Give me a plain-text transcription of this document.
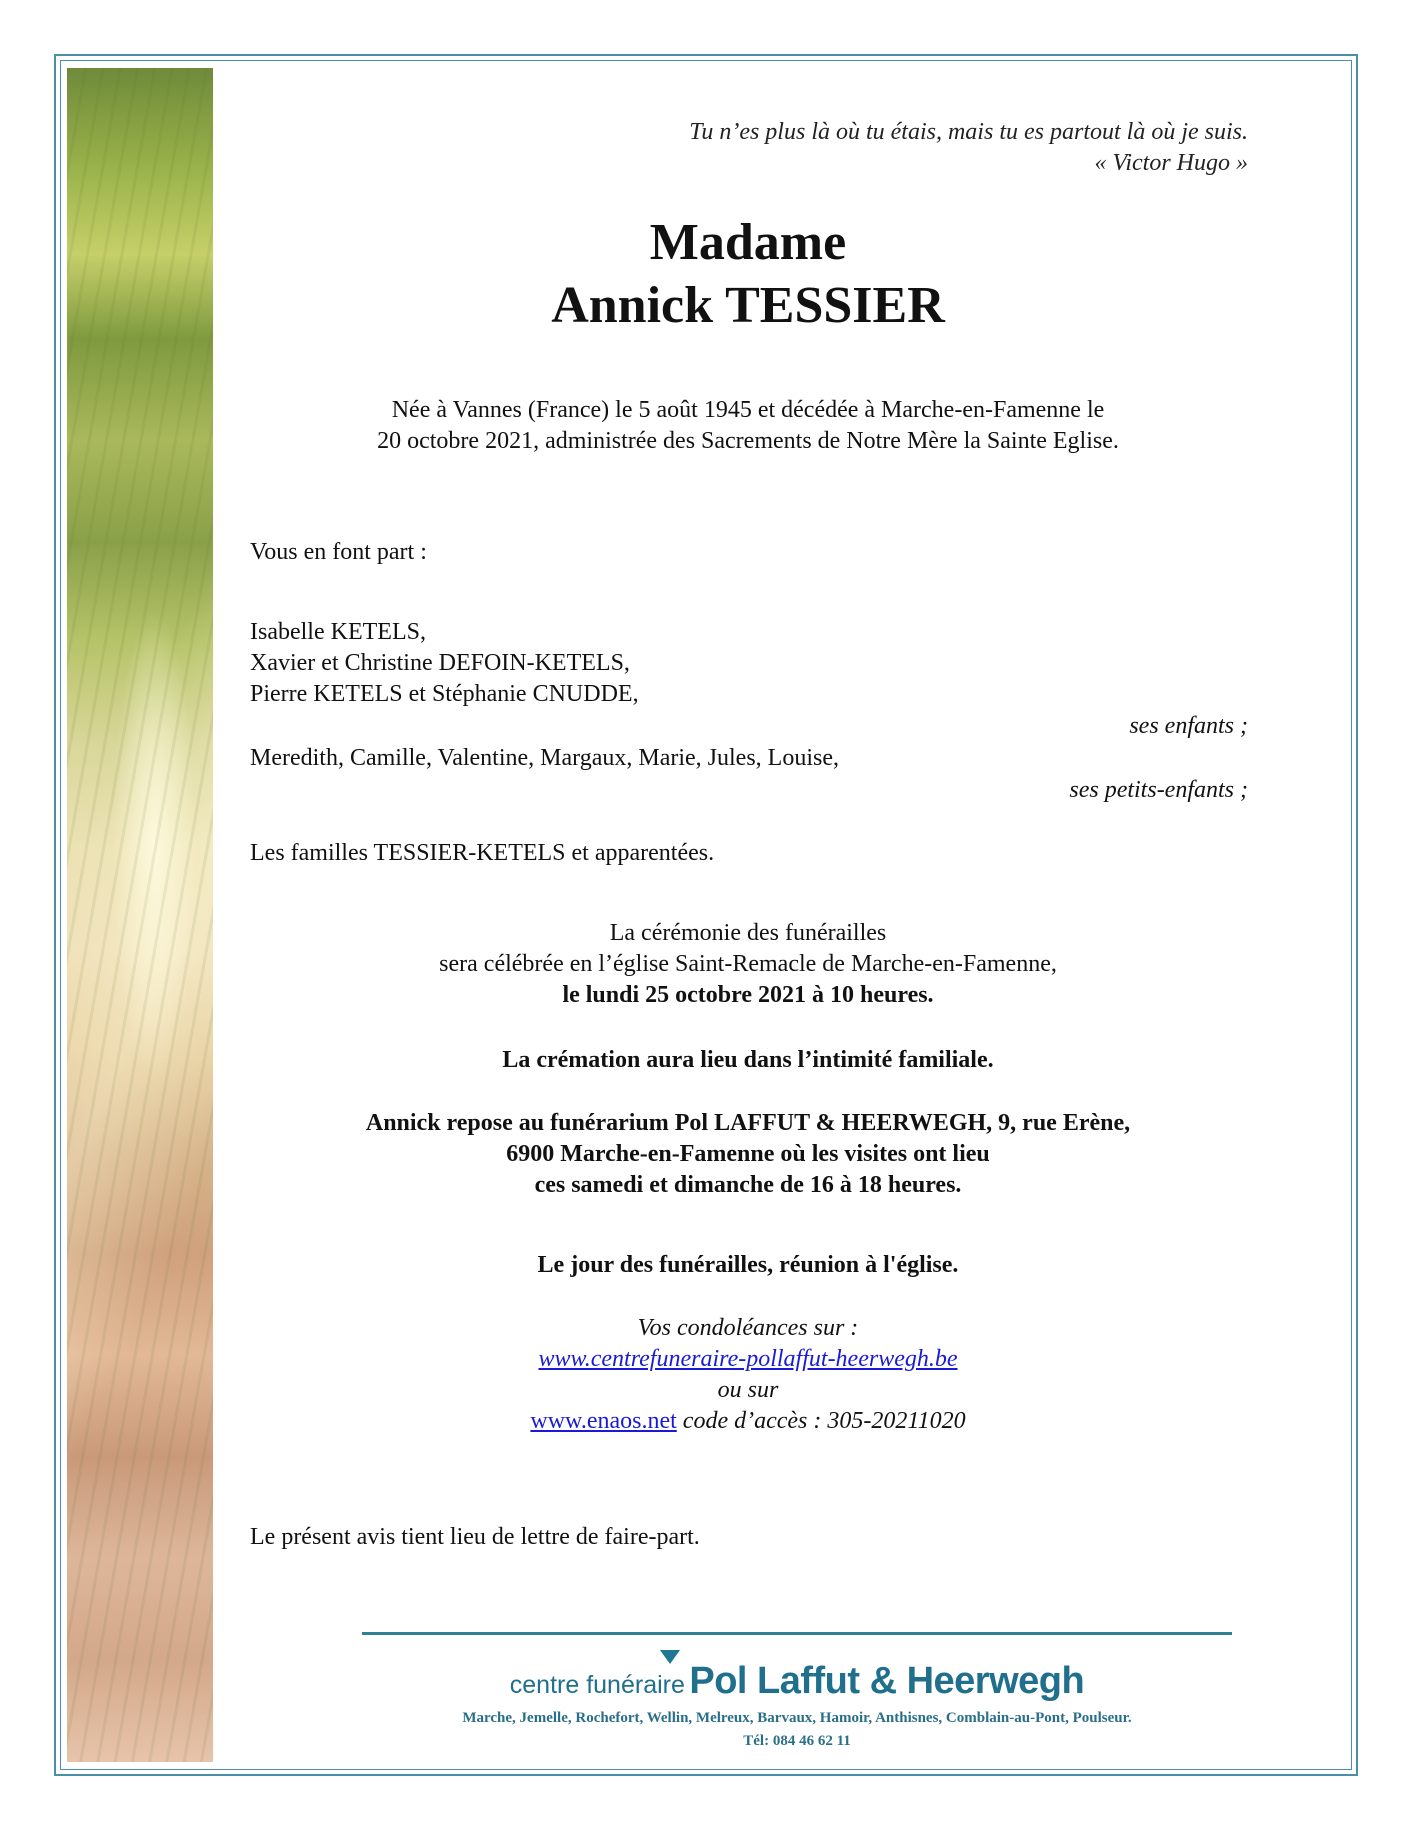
Tu n’es plus là où tu étais, mais tu es partout là où je suis.
« Victor Hugo »
Madame
Annick TESSIER
Née à Vannes (France) le 5 août 1945 et décédée à Marche-en-Famenne le
20 octobre 2021, administrée des Sacrements de Notre Mère la Sainte Eglise.
Vous en font part :
Isabelle KETELS,
Xavier et Christine DEFOIN-KETELS,
Pierre KETELS et Stéphanie CNUDDE,
ses enfants ;
Meredith, Camille, Valentine, Margaux, Marie, Jules, Louise,
ses petits-enfants ;
Les familles TESSIER-KETELS et apparentées.
La cérémonie des funérailles
sera célébrée en l’église Saint-Remacle de Marche-en-Famenne,
le lundi 25 octobre 2021 à 10 heures.
La crémation aura lieu dans l’intimité familiale.
Annick repose au funérarium Pol LAFFUT & HEERWEGH, 9, rue Erène,
6900 Marche-en-Famenne où les visites ont lieu
ces samedi et dimanche de 16 à 18 heures.
Le jour des funérailles, réunion à l'église.
Vos condoléances sur :
www.centrefuneraire-pollaffut-heerwegh.be
ou sur
www.enaos.net code d’accès : 305-20211020
Le présent avis tient lieu de lettre de faire-part.
centre funéraire Pol Laffut & Heerwegh
Marche, Jemelle, Rochefort, Wellin, Melreux, Barvaux, Hamoir, Anthisnes, Comblain-au-Pont, Poulseur.
Tél: 084 46 62 11
